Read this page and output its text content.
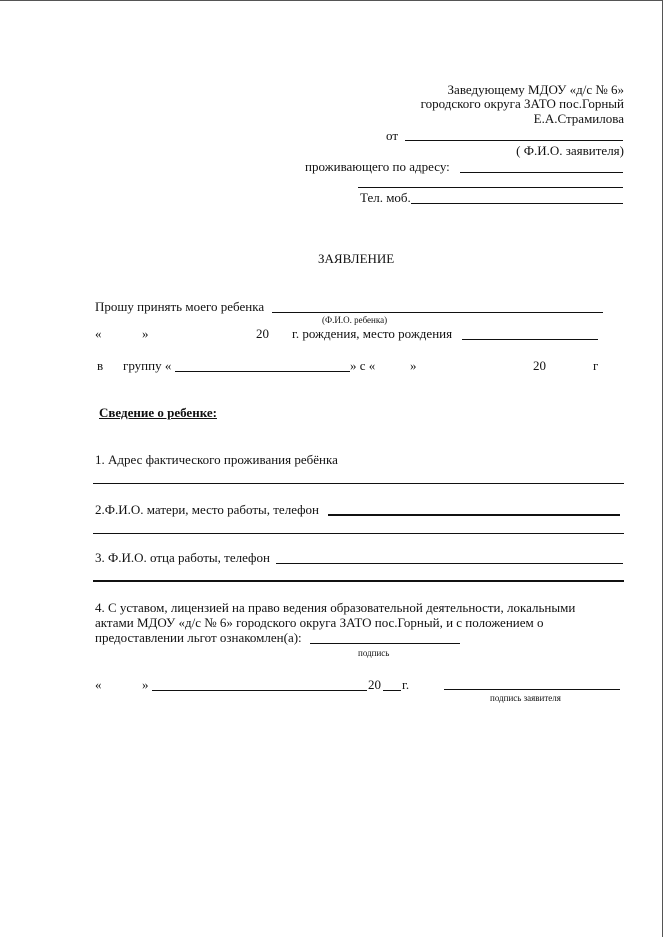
Заведующему МДОУ «д/с № 6»
городского округа ЗАТО пос.Горный
Е.А.Страмилова
от
( Ф.И.О. заявителя)
проживающего по адресу:
Тел. моб.
ЗАЯВЛЕНИЕ
Прошу принять моего ребенка
(Ф.И.О. ребенка)
«	»	20 г. рождения, место рождения
в группу «	» с «	»	20	г
Сведение о ребенке:
1. Адрес фактического проживания ребёнка
2.Ф.И.О. матери, место работы, телефон
3. Ф.И.О. отца работы, телефон
4. С уставом, лицензией на право ведения образовательной деятельности, локальными
актами МДОУ «д/с № 6» городского округа ЗАТО пос.Горный, и с положением о
предоставлении льгот ознакомлен(а):
подпись
«	»	20 г.
подпись заявителя
